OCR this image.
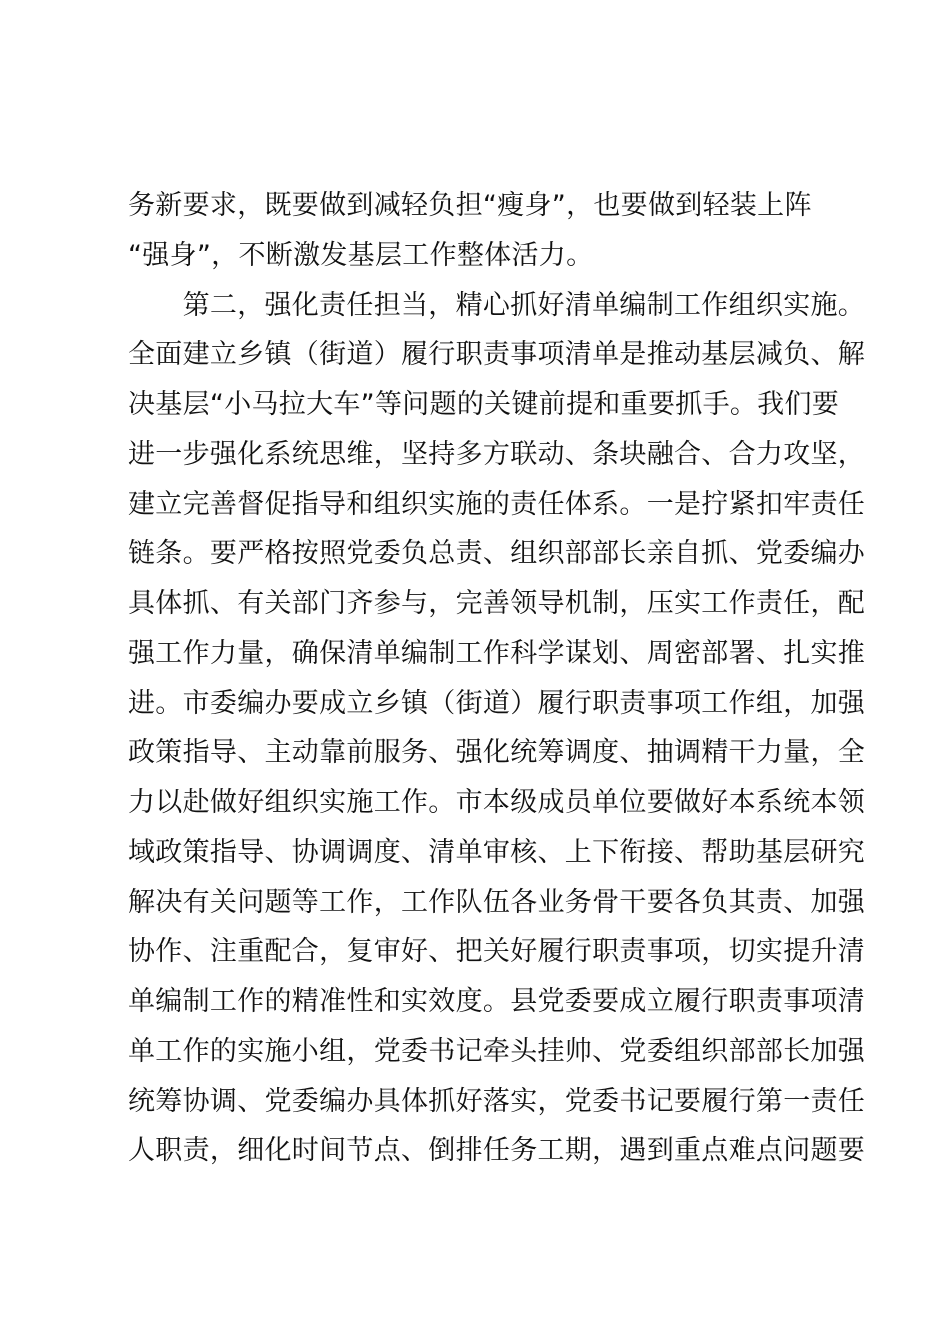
务新要求，既要做到减轻负担“瘦身”，也要做到轻装上阵
“强身”，不断激发基层工作整体活力。
　　第二，强化责任担当，精心抓好清单编制工作组织实施。
全面建立乡镇（街道）履行职责事项清单是推动基层减负、解
决基层“小马拉大车”等问题的关键前提和重要抓手。我们要
进一步强化系统思维，坚持多方联动、条块融合、合力攻坚，
建立完善督促指导和组织实施的责任体系。一是拧紧扣牢责任
链条。要严格按照党委负总责、组织部部长亲自抓、党委编办
具体抓、有关部门齐参与，完善领导机制，压实工作责任，配
强工作力量，确保清单编制工作科学谋划、周密部署、扎实推
进。市委编办要成立乡镇（街道）履行职责事项工作组，加强
政策指导、主动靠前服务、强化统筹调度、抽调精干力量，全
力以赴做好组织实施工作。市本级成员单位要做好本系统本领
域政策指导、协调调度、清单审核、上下衔接、帮助基层研究
解决有关问题等工作，工作队伍各业务骨干要各负其责、加强
协作、注重配合，复审好、把关好履行职责事项，切实提升清
单编制工作的精准性和实效度。县党委要成立履行职责事项清
单工作的实施小组，党委书记牵头挂帅、党委组织部部长加强
统筹协调、党委编办具体抓好落实，党委书记要履行第一责任
人职责，细化时间节点、倒排任务工期，遇到重点难点问题要
